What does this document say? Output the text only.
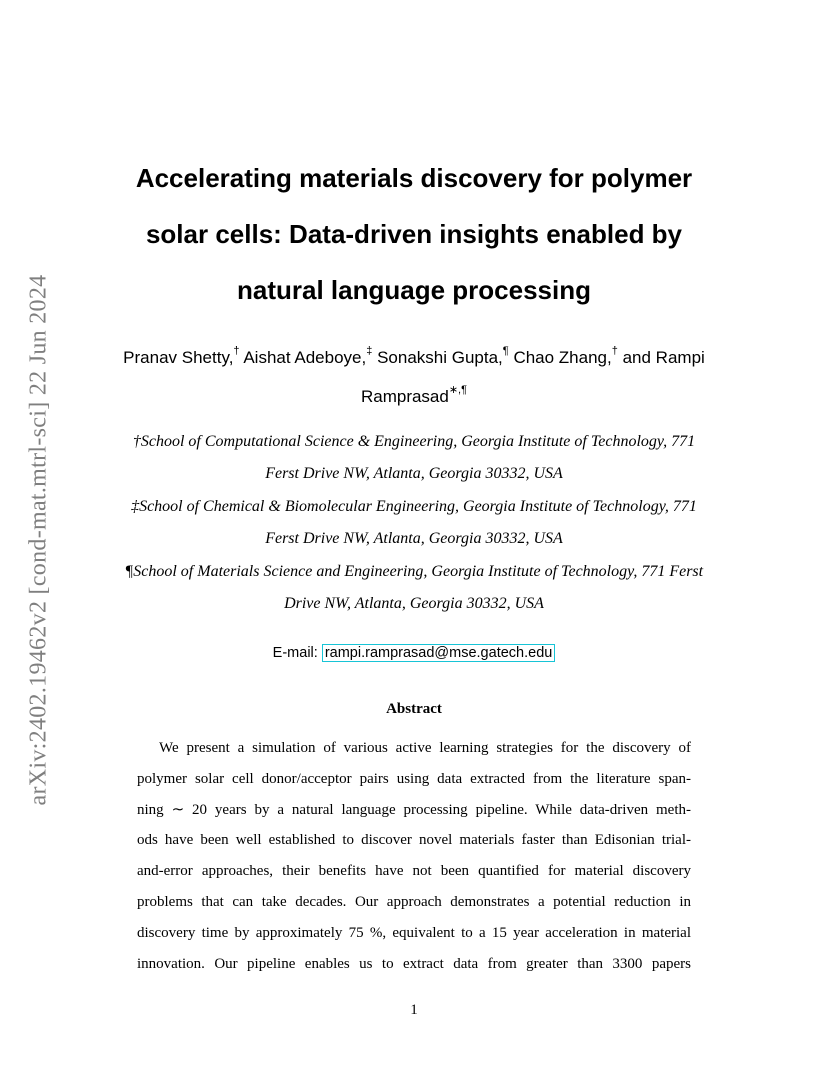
arXiv:2402.19462v2 [cond-mat.mtrl-sci] 22 Jun 2024
Accelerating materials discovery for polymer
solar cells: Data-driven insights enabled by
natural language processing
Pranav Shetty,† Aishat Adeboye,‡ Sonakshi Gupta,¶ Chao Zhang,† and Rampi
Ramprasad∗,¶
†School of Computational Science & Engineering, Georgia Institute of Technology, 771
Ferst Drive NW, Atlanta, Georgia 30332, USA
‡School of Chemical & Biomolecular Engineering, Georgia Institute of Technology, 771
Ferst Drive NW, Atlanta, Georgia 30332, USA
¶School of Materials Science and Engineering, Georgia Institute of Technology, 771 Ferst
Drive NW, Atlanta, Georgia 30332, USA
E-mail: rampi.ramprasad@mse.gatech.edu
Abstract
We present a simulation of various active learning strategies for the discovery of
polymer solar cell donor/acceptor pairs using data extracted from the literature span-
ning ∼ 20 years by a natural language processing pipeline. While data-driven meth-
ods have been well established to discover novel materials faster than Edisonian trial-
and-error approaches, their benefits have not been quantified for material discovery
problems that can take decades. Our approach demonstrates a potential reduction in
discovery time by approximately 75 %, equivalent to a 15 year acceleration in material
innovation. Our pipeline enables us to extract data from greater than 3300 papers
1
